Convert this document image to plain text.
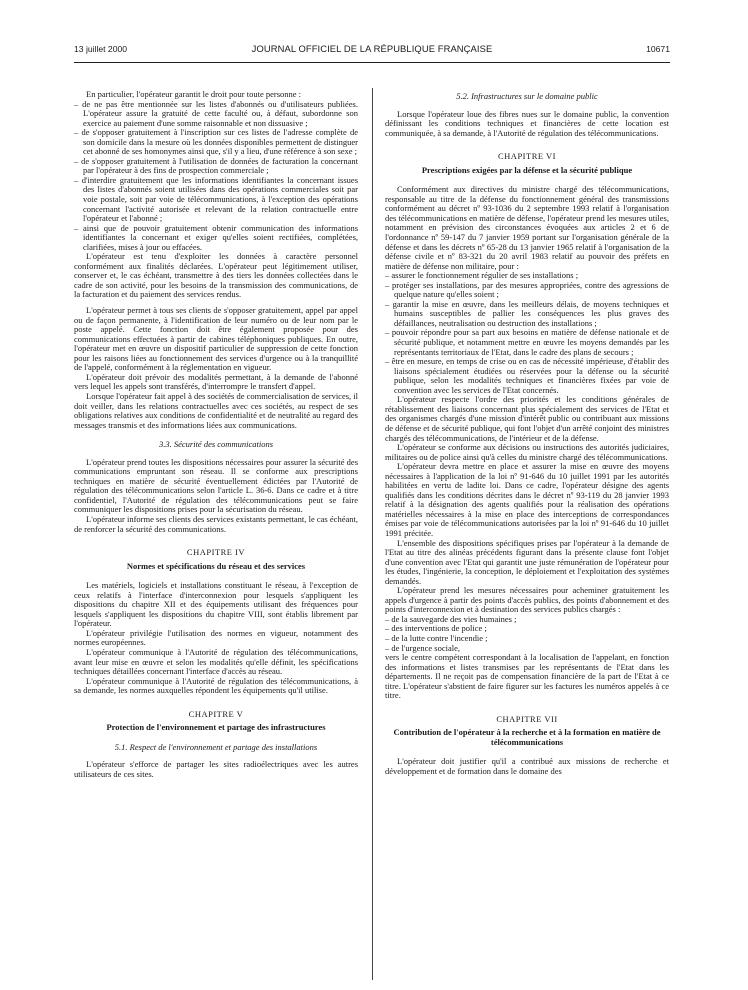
13 juillet 2000	JOURNAL OFFICIEL DE LA RÉPUBLIQUE FRANÇAISE	10671

En particulier, l'opérateur garantit le droit pour toute personne :

– de ne pas être mentionnée sur les listes d'abonnés ou d'utilisateurs publiées. L'opérateur assure la gratuité de cette faculté ou, à défaut, subordonne son exercice au paiement d'une somme raisonnable et non dissuasive ;
– de s'opposer gratuitement à l'inscription sur ces listes de l'adresse complète de son domicile dans la mesure où les données disponibles permettent de distinguer cet abonné de ses homonymes ainsi que, s'il y a lieu, d'une référence à son sexe ;
– de s'opposer gratuitement à l'utilisation de données de facturation la concernant par l'opérateur à des fins de prospection commerciale ;
– d'interdire gratuitement que les informations identifiantes la concernant issues des listes d'abonnés soient utilisées dans des opérations commerciales soit par voie postale, soit par voie de télécommunications, à l'exception des opérations concernant l'activité autorisée et relevant de la relation contractuelle entre l'opérateur et l'abonné ;
– ainsi que de pouvoir gratuitement obtenir communication des informations identifiantes la concernant et exiger qu'elles soient rectifiées, complétées, clarifiées, mises à jour ou effacées.

L'opérateur est tenu d'exploiter les données à caractère personnel conformément aux finalités déclarées. L'opérateur peut légitimement utiliser, conserver et, le cas échéant, transmettre à des tiers les données collectées dans le cadre de son activité, pour les besoins de la transmission des communications, de la facturation et du paiement des services rendus.

L'opérateur permet à tous ses clients de s'opposer gratuitement, appel par appel ou de façon permanente, à l'identification de leur numéro ou de leur nom par le poste appelé. Cette fonction doit être également proposée pour des communications effectuées à partir de cabines téléphoniques publiques. En outre, l'opérateur met en œuvre un dispositif particulier de suppression de cette fonction pour les raisons liées au fonctionnement des services d'urgence ou à la tranquillité de l'appelé, conformément à la réglementation en vigueur.

L'opérateur doit prévoir des modalités permettant, à la demande de l'abonné vers lequel les appels sont transférés, d'interrompre le transfert d'appel.

Lorsque l'opérateur fait appel à des sociétés de commercialisation de services, il doit veiller, dans les relations contractuelles avec ces sociétés, au respect de ses obligations relatives aux conditions de confidentialité et de neutralité au regard des messages transmis et des informations liées aux communications.

3.3. Sécurité des communications

L'opérateur prend toutes les dispositions nécessaires pour assurer la sécurité des communications empruntant son réseau. Il se conforme aux prescriptions techniques en matière de sécurité éventuellement édictées par l'Autorité de régulation des télécommunications selon l'article L. 36-6. Dans ce cadre et à titre confidentiel, l'Autorité de régulation des télécommunications peut se faire communiquer les dispositions prises pour la sécurisation du réseau.

L'opérateur informe ses clients des services existants permettant, le cas échéant, de renforcer la sécurité des communications.

CHAPITRE IV
Normes et spécifications du réseau et des services

Les matériels, logiciels et installations constituant le réseau, à l'exception de ceux relatifs à l'interface d'interconnexion pour lesquels s'appliquent les dispositions du chapitre XII et des équipements utilisant des fréquences pour lesquels s'appliquent les dispositions du chapitre VIII, sont établis librement par l'opérateur.

L'opérateur privilégie l'utilisation des normes en vigueur, notamment des normes européennes.

L'opérateur communique à l'Autorité de régulation des télécommunications, avant leur mise en œuvre et selon les modalités qu'elle définit, les spécifications techniques détaillées concernant l'interface d'accès au réseau.

L'opérateur communique à l'Autorité de régulation des télécommunications, à sa demande, les normes auxquelles répondent les équipements qu'il utilise.

CHAPITRE V
Protection de l'environnement et partage des infrastructures
5.1. Respect de l'environnement et partage des installations

L'opérateur s'efforce de partager les sites radioélectriques avec les autres utilisateurs de ces sites.

5.2. Infrastructures sur le domaine public

Lorsque l'opérateur loue des fibres nues sur le domaine public, la convention définissant les conditions techniques et financières de cette location est communiquée, à sa demande, à l'Autorité de régulation des télécommunications.

CHAPITRE VI
Prescriptions exigées par la défense et la sécurité publique

Conformément aux directives du ministre chargé des télécommunications, responsable au titre de la défense du fonctionnement général des transmissions conformément au décret nº 93-1036 du 2 septembre 1993 relatif à l'organisation des télécommunications en matière de défense, l'opérateur prend les mesures utiles, notamment en prévision des circonstances évoquées aux articles 2 et 6 de l'ordonnance nº 59-147 du 7 janvier 1959 portant sur l'organisation générale de la défense et dans les décrets nº 65-28 du 13 janvier 1965 relatif à l'organisation de la défense civile et nº 83-321 du 20 avril 1983 relatif au pouvoir des préfets en matière de défense non militaire, pour :

– assurer le fonctionnement régulier de ses installations ;
– protéger ses installations, par des mesures appropriées, contre des agressions de quelque nature qu'elles soient ;
– garantir la mise en œuvre, dans les meilleurs délais, de moyens techniques et humains susceptibles de pallier les conséquences les plus graves des défaillances, neutralisation ou destruction des installations ;
– pouvoir répondre pour sa part aux besoins en matière de défense nationale et de sécurité publique, et notamment mettre en œuvre les moyens demandés par les représentants territoriaux de l'Etat, dans le cadre des plans de secours ;
– être en mesure, en temps de crise ou en cas de nécessité impérieuse, d'établir des liaisons spécialement étudiées ou réservées pour la défense ou la sécurité publique, selon les modalités techniques et financières fixées par voie de convention avec les services de l'Etat concernés.

L'opérateur respecte l'ordre des priorités et les conditions générales de rétablissement des liaisons concernant plus spécialement des services de l'Etat et des organismes chargés d'une mission d'intérêt public ou contribuant aux missions de défense et de sécurité publique, qui font l'objet d'un arrêté conjoint des ministres chargés des télécommunications, de l'intérieur et de la défense.

L'opérateur se conforme aux décisions ou instructions des autorités judiciaires, militaires ou de police ainsi qu'à celles du ministre chargé des télécommunications.

L'opérateur devra mettre en place et assurer la mise en œuvre des moyens nécessaires à l'application de la loi nº 91-646 du 10 juillet 1991 par les autorités habilitées en vertu de ladite loi. Dans ce cadre, l'opérateur désigne des agents qualifiés dans les conditions décrites dans le décret nº 93-119 du 28 janvier 1993 relatif à la désignation des agents qualifiés pour la réalisation des opérations matérielles nécessaires à la mise en place des interceptions de correspondances émises par voie de télécommunications autorisées par la loi nº 91-646 du 10 juillet 1991 précitée.

L'ensemble des dispositions spécifiques prises par l'opérateur à la demande de l'Etat au titre des alinéas précédents figurant dans la présente clause font l'objet d'une convention avec l'Etat qui garantit une juste rémunération de l'opérateur pour les études, l'ingénierie, la conception, le déploiement et l'exploitation des systèmes demandés.

L'opérateur prend les mesures nécessaires pour acheminer gratuitement les appels d'urgence à partir des points d'accès publics, des points d'abonnement et des points d'interconnexion et à destination des services publics chargés :

– de la sauvegarde des vies humaines ;
– des interventions de police ;
– de la lutte contre l'incendie ;
– de l'urgence sociale,

vers le centre compétent correspondant à la localisation de l'appelant, en fonction des informations et listes transmises par les représentants de l'Etat dans les départements. Il ne reçoit pas de compensation financière de la part de l'Etat à ce titre. L'opérateur s'abstient de faire figurer sur les factures les numéros appelés à ce titre.

CHAPITRE VII
Contribution de l'opérateur à la recherche et à la formation en matière de télécommunications

L'opérateur doit justifier qu'il a contribué aux missions de recherche et développement et de formation dans le domaine des
